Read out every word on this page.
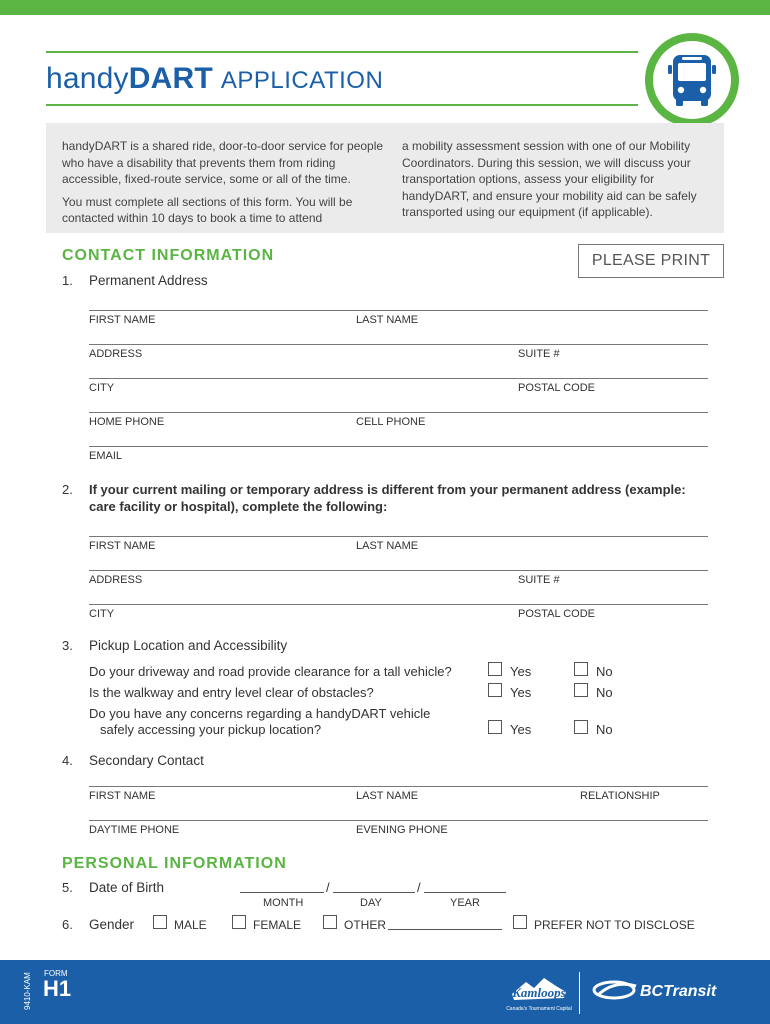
handyDART APPLICATION

handyDART is a shared ride, door-to-door service for people who have a disability that prevents them from riding accessible, fixed-route service, some or all of the time.

You must complete all sections of this form. You will be contacted within 10 days to book a time to attend

a mobility assessment session with one of our Mobility Coordinators. During this session, we will discuss your transportation options, assess your eligibility for handyDART, and ensure your mobility aid can be safely transported using our equipment (if applicable).

CONTACT INFORMATION	PLEASE PRINT
1. Permanent Address
FIRST NAME	LAST NAME
ADDRESS	SUITE #
CITY	POSTAL CODE
HOME PHONE	CELL PHONE
EMAIL
2. If your current mailing or temporary address is different from your permanent address (example: care facility or hospital), complete the following:
FIRST NAME	LAST NAME
ADDRESS	SUITE #
CITY	POSTAL CODE
3. Pickup Location and Accessibility
Do your driveway and road provide clearance for a tall vehicle?	Yes	No
Is the walkway and entry level clear of obstacles?	Yes	No
Do you have any concerns regarding a handyDART vehicle
safely accessing your pickup location?	Yes	No
4. Secondary Contact
FIRST NAME	LAST NAME	RELATIONSHIP
DAYTIME PHONE	EVENING PHONE
PERSONAL INFORMATION
5. Date of Birth	/	/
MONTH	DAY	YEAR
6. Gender	MALE	FEMALE	OTHER	PREFER NOT TO DISCLOSE
9410-KAM FORM
H1	Kamloops
Canada's Tournament Capital
BCTransit
